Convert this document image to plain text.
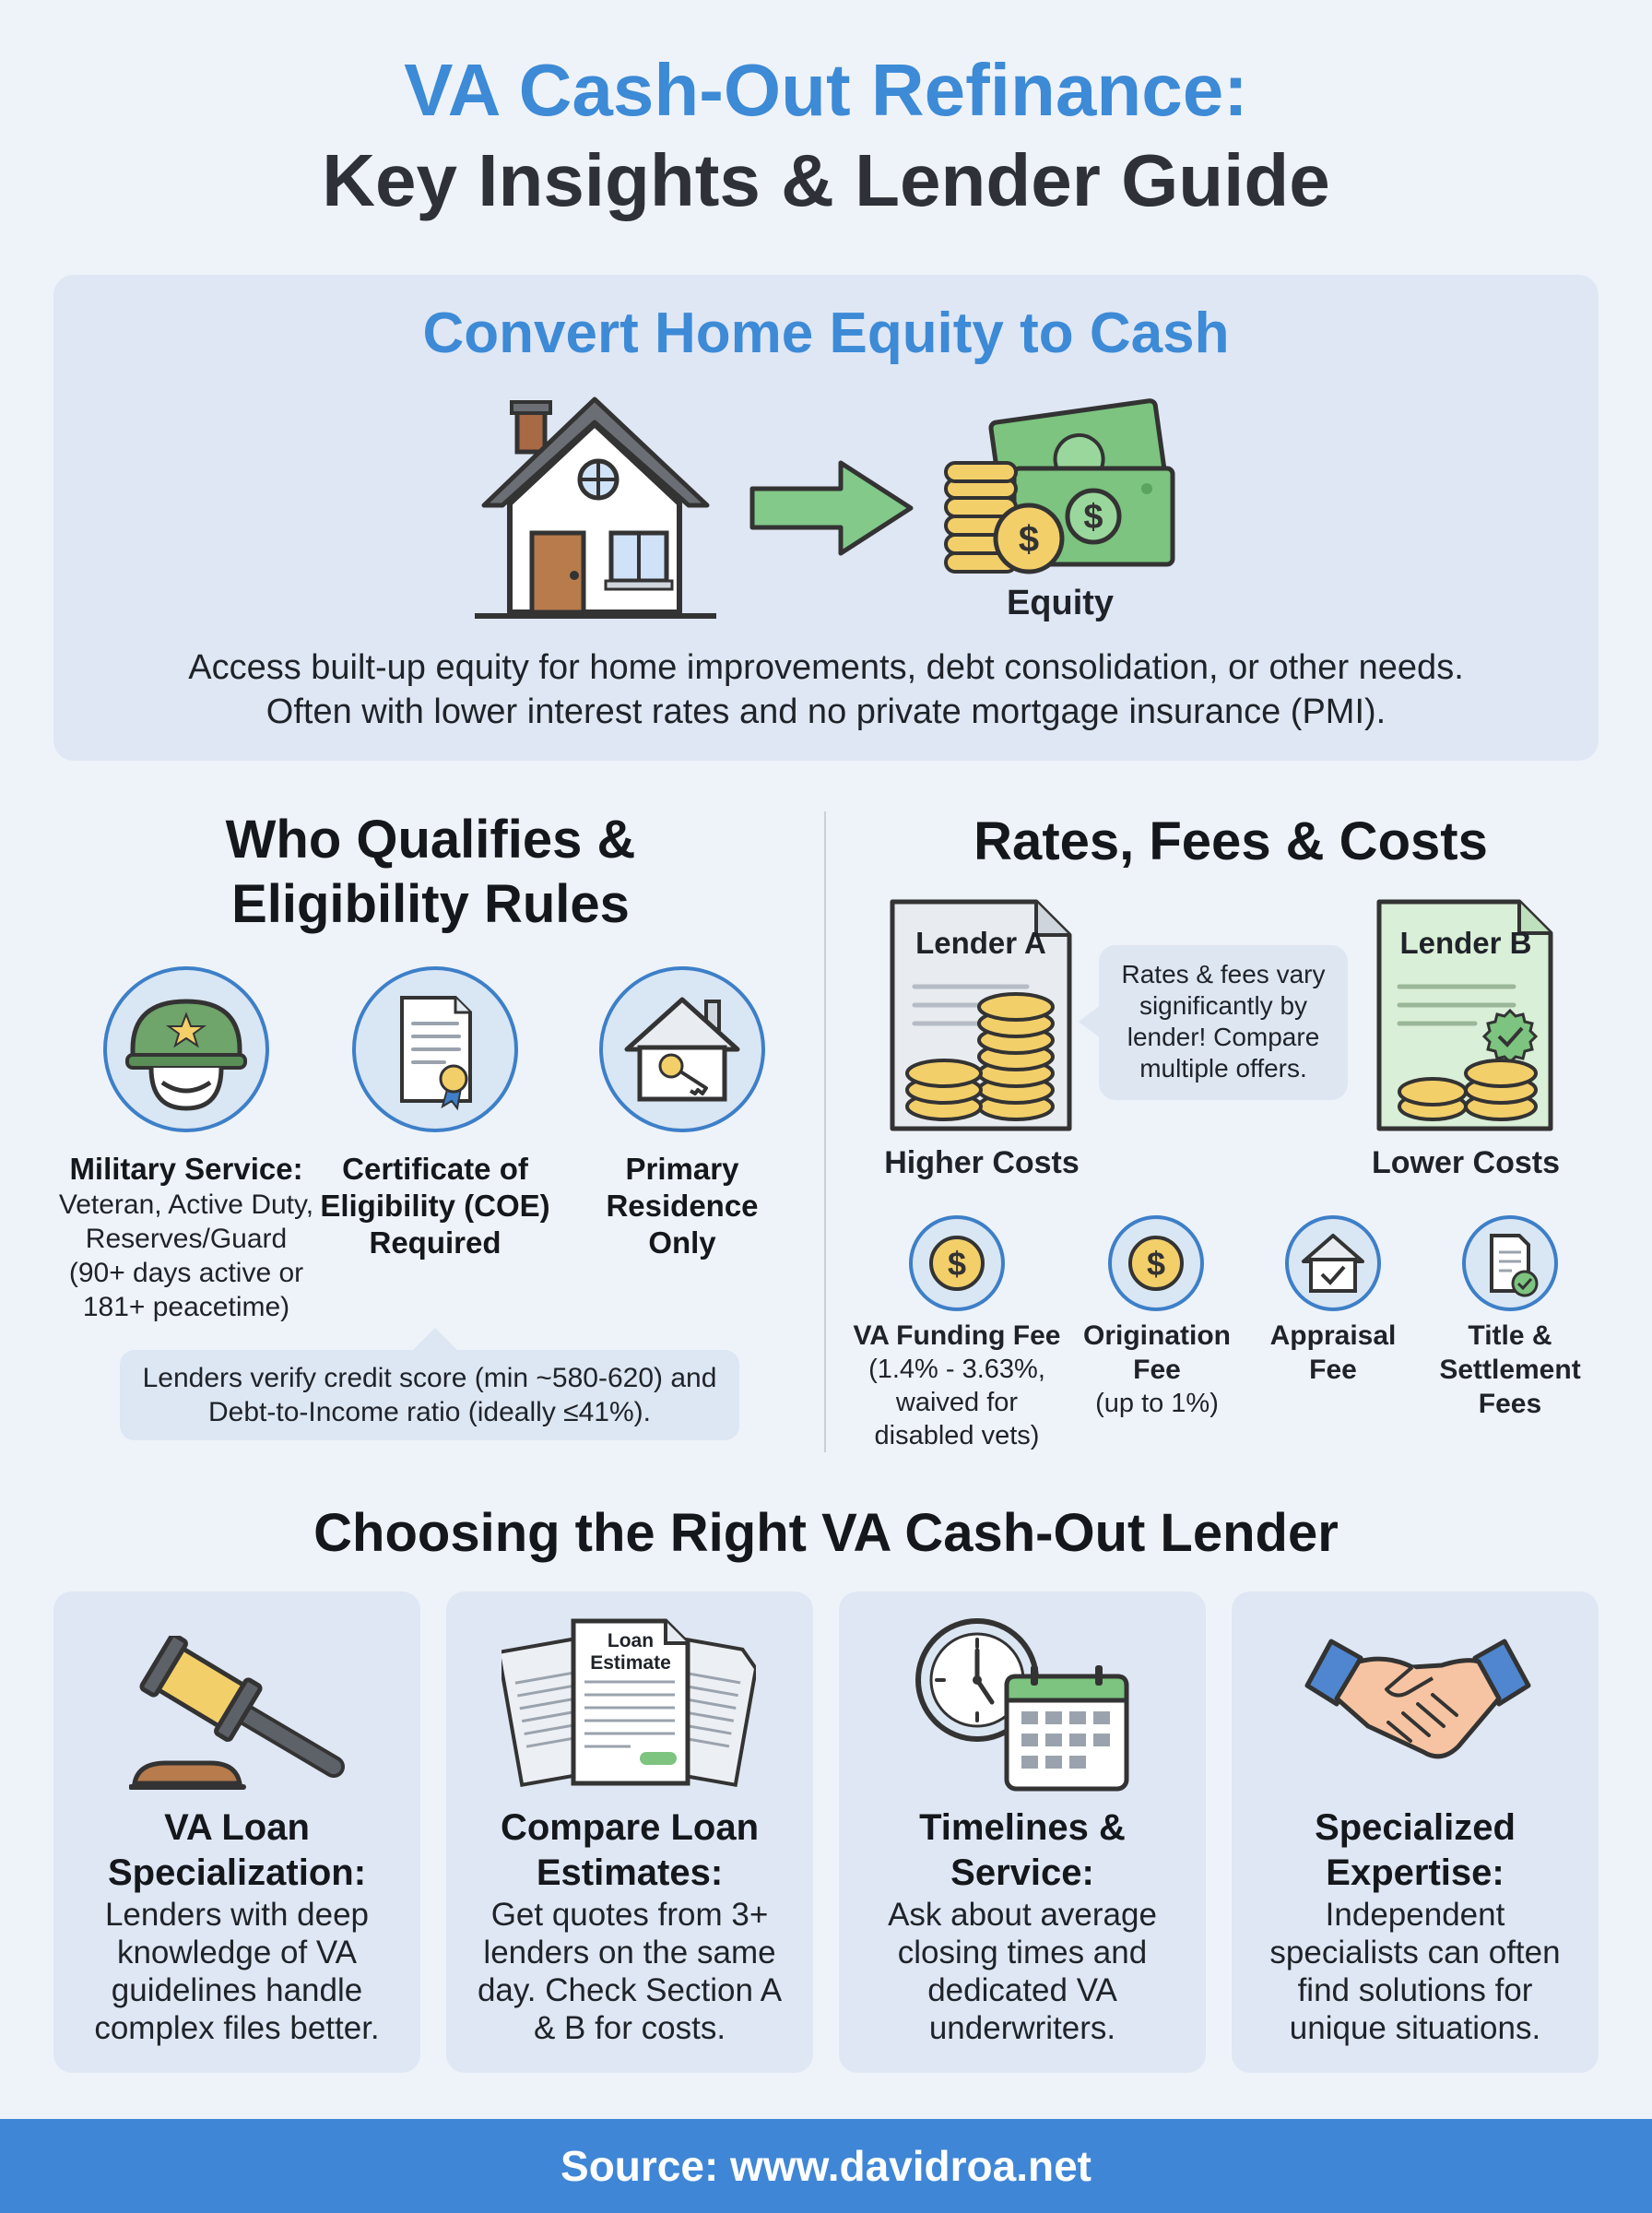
VA Cash-Out Refinance:
Key Insights & Lender Guide
Convert Home Equity to Cash
$
$
Equity
Access built-up equity for home improvements, debt consolidation, or other needs.
Often with lower interest rates and no private mortgage insurance (PMI).
Who Qualifies &
Eligibility Rules
Military Service:
Veteran, Active Duty,
Reserves/Guard
(90+ days active or
181+ peacetime)
Certificate of
Eligibility (COE)
Required
Primary
Residence
Only
Lenders verify credit score (min ~580-620) and
Debt-to-Income ratio (ideally ≤41%).
Rates, Fees & Costs
Lender A
Higher Costs
Rates & fees vary
significantly by
lender! Compare
multiple offers.
Lender B
Lower Costs
$	$
VA Funding Fee
(1.4% - 3.63%,
waived for
disabled vets)
Origination
Fee
(up to 1%)
Appraisal
Fee
Title &
Settlement
Fees
Choosing the Right VA Cash-Out Lender
VA Loan
Specialization:
Lenders with deep
knowledge of VA
guidelines handle
complex files better.
Loan
Estimate
Compare Loan
Estimates:
Get quotes from 3+
lenders on the same
day. Check Section A
& B for costs.
Timelines &
Service:
Ask about average
closing times and
dedicated VA
underwriters.
Specialized
Expertise:
Independent
specialists can often
find solutions for
unique situations.
Source: www.davidroa.net
